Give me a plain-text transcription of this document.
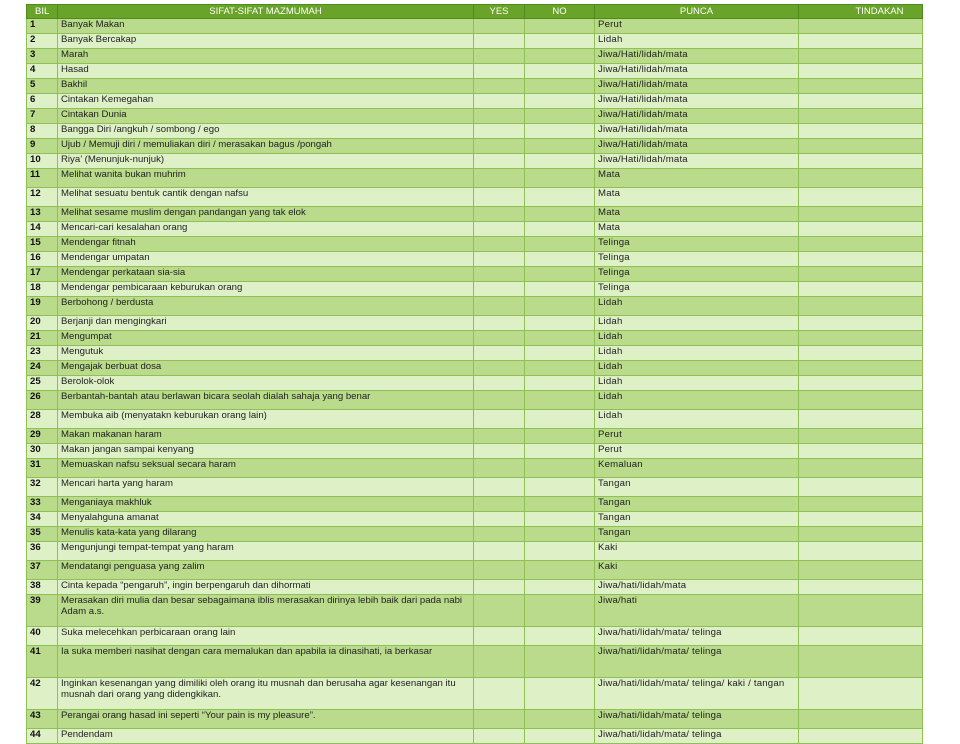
BIL	SIFAT-SIFAT MAZMUMAH	YES	NO	PUNCA	TINDAKAN
1	Banyak Makan			Perut	
2	Banyak Bercakap			Lidah	
3	Marah			Jiwa/Hati/lidah/mata	
4	Hasad			Jiwa/Hati/lidah/mata	
5	Bakhil			Jiwa/Hati/lidah/mata	
6	Cintakan Kemegahan			Jiwa/Hati/lidah/mata	
7	Cintakan Dunia			Jiwa/Hati/lidah/mata	
8	Bangga Diri /angkuh / sombong / ego			Jiwa/Hati/lidah/mata	
9	Ujub / Memuji diri / memuliakan diri / merasakan bagus /pongah			Jiwa/Hati/lidah/mata	
10	Riya’ (Menunjuk-nunjuk)			Jiwa/Hati/lidah/mata	
11	Melihat wanita bukan muhrim			Mata	
12	Melihat sesuatu bentuk cantik dengan nafsu			Mata	
13	Melihat sesame muslim dengan pandangan yang tak elok			Mata	
14	Mencari-cari kesalahan orang			Mata	
15	Mendengar fitnah			Telinga	
16	Mendengar umpatan			Telinga	
17	Mendengar perkataan sia-sia			Telinga	
18	Mendengar pembicaraan keburukan orang			Telinga	
19	Berbohong / berdusta			Lidah	
20	Berjanji dan mengingkari			Lidah	
21	Mengumpat			Lidah	
23	Mengutuk			Lidah	
24	Mengajak berbuat dosa			Lidah	
25	Berolok-olok			Lidah	
26	Berbantah-bantah atau berlawan bicara seolah dialah sahaja yang benar			Lidah	
28	Membuka aib (menyatakn keburukan orang lain)			Lidah	
29	Makan makanan haram			Perut	
30	Makan jangan sampai kenyang			Perut	
31	Memuaskan nafsu seksual secara haram			Kemaluan	
32	Mencari harta yang haram			Tangan	
33	Menganiaya makhluk			Tangan	
34	Menyalahguna amanat			Tangan	
35	Menulis kata-kata yang dilarang			Tangan	
36	Mengunjungi tempat-tempat yang haram			Kaki	
37	Mendatangi penguasa yang zalim			Kaki	
38	Cinta kepada “pengaruh”, ingin berpengaruh dan dihormati			Jiwa/hati/lidah/mata	
39	Merasakan diri mulia dan besar sebagaimana iblis merasakan dirinya lebih baik dari pada nabi Adam a.s.			Jiwa/hati	
40	Suka melecehkan perbicaraan orang lain			Jiwa/hati/lidah/mata/ telinga	
41	Ia suka memberi nasihat dengan cara memalukan dan apabila ia dinasihati, ia berkasar			Jiwa/hati/lidah/mata/ telinga	
42	Inginkan kesenangan yang dimiliki oleh orang itu musnah dan berusaha agar kesenangan itu musnah dari orang yang didengkikan.			Jiwa/hati/lidah/mata/ telinga/ kaki / tangan	
43	Perangai orang hasad ini seperti “Your pain is my pleasure”.			Jiwa/hati/lidah/mata/ telinga	
44	Pendendam			Jiwa/hati/lidah/mata/ telinga	
